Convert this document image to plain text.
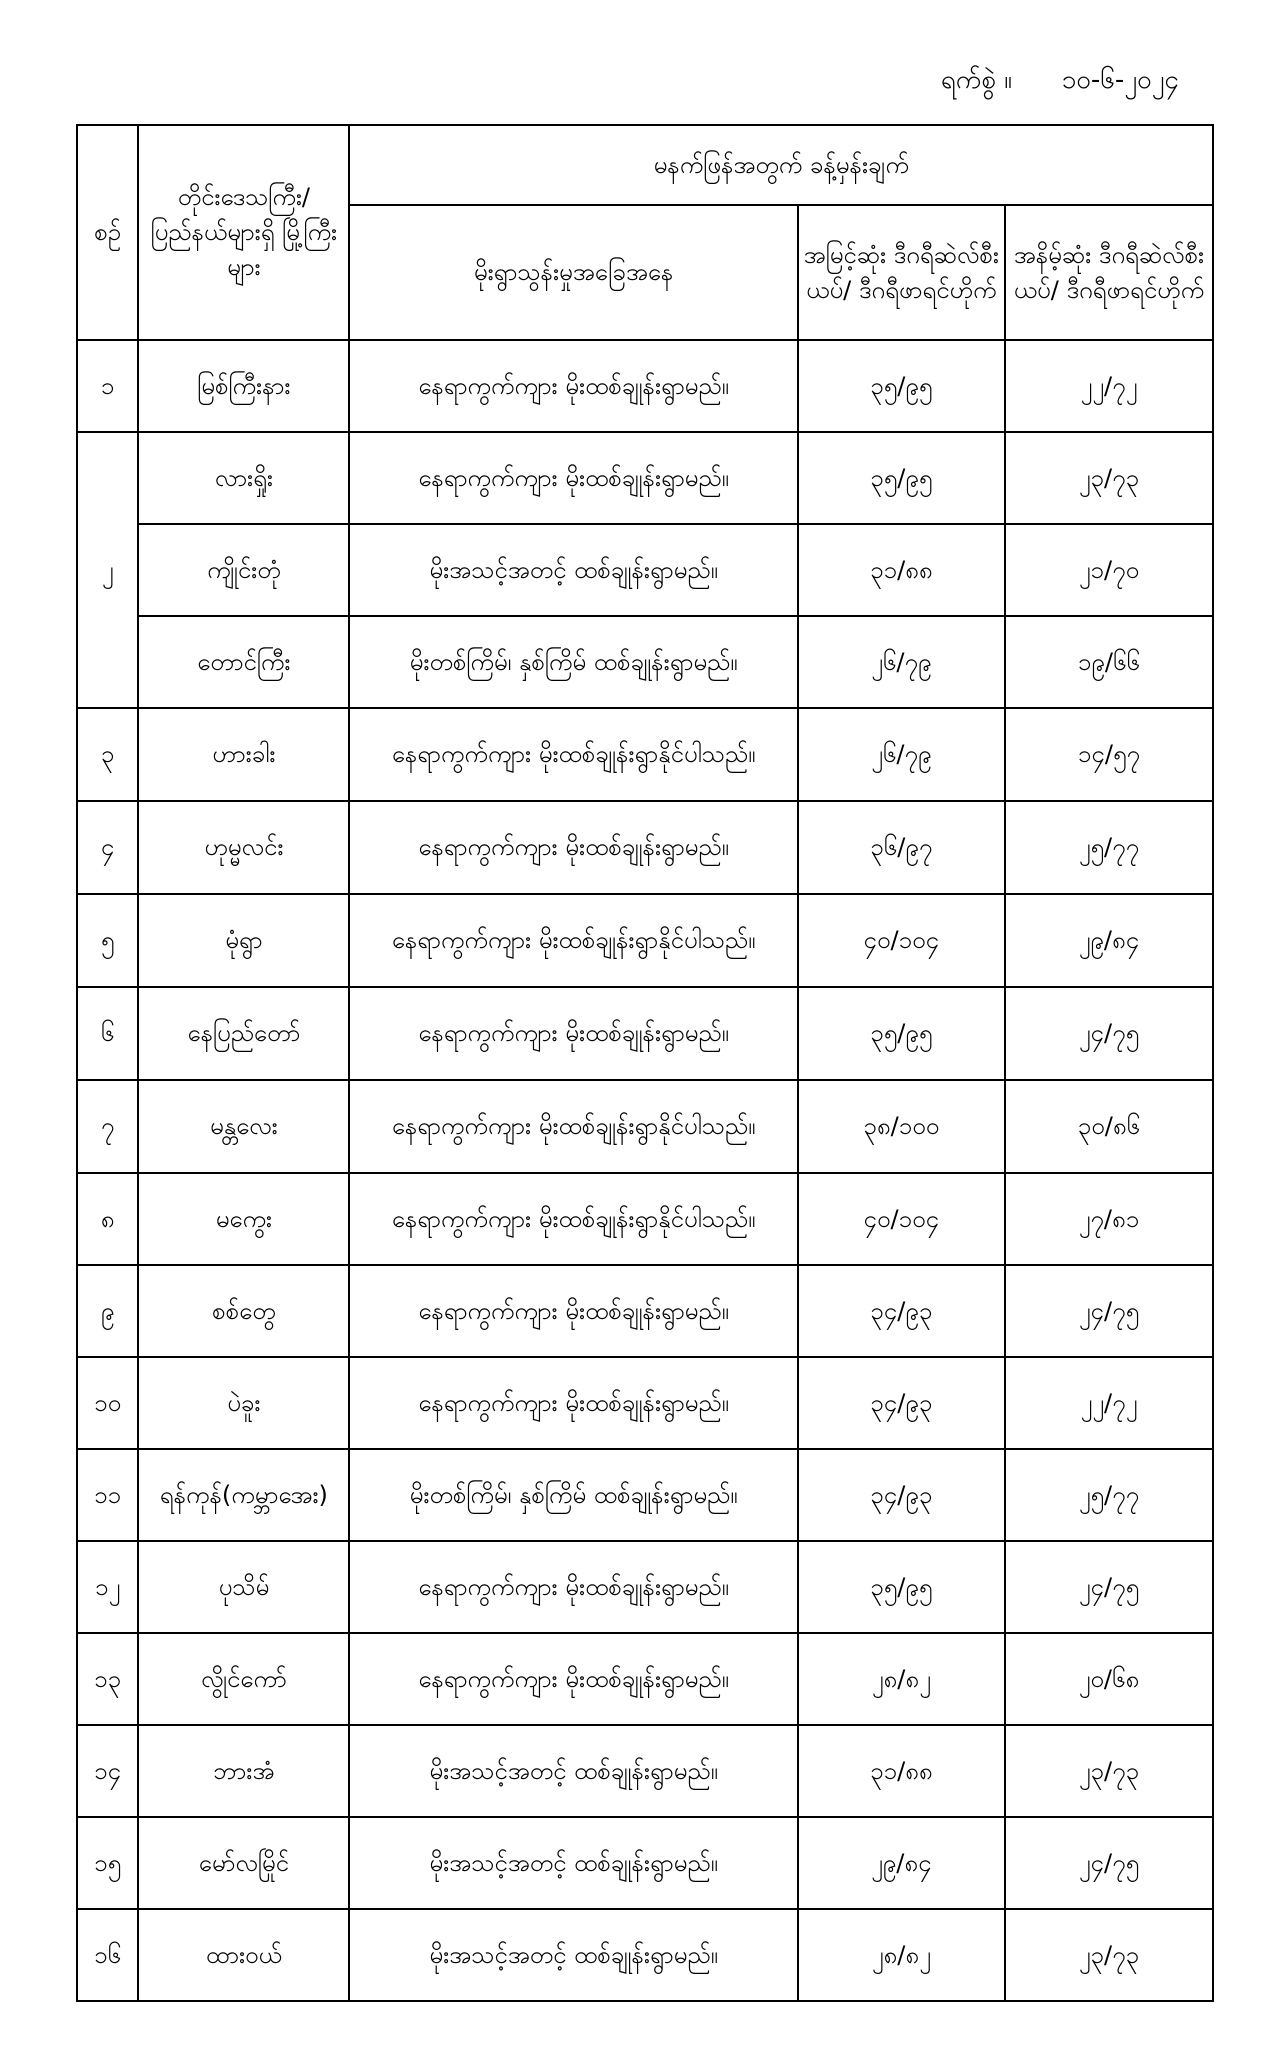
ရက်စွဲ ။ ၁၀-၆-၂၀၂၄
စဉ်	တိုင်းဒေသကြီး/ ပြည်နယ်များရှိ မြို့ကြီးများ	မနက်ဖြန်အတွက် ခန့်မှန်းချက်		
		မိုးရွာသွန်းမှုအခြေအနေ	အမြင့်ဆုံး ဒီဂရီဆဲလ်စီးယပ်/ ဒီဂရီဖာရင်ဟိုက်	အနိမ့်ဆုံး ဒီဂရီဆဲလ်စီးယပ်/ ဒီဂရီဖာရင်ဟိုက်
၁	မြစ်ကြီးနား	နေရာကွက်ကျား မိုးထစ်ချုန်းရွာမည်။	၃၅/၉၅	၂၂/၇၂
၂	လားရှိုး	နေရာကွက်ကျား မိုးထစ်ချုန်းရွာမည်။	၃၅/၉၅	၂၃/၇၃
	ကျိုင်းတုံ	မိုးအသင့်အတင့် ထစ်ချုန်းရွာမည်။	၃၁/၈၈	၂၁/၇၀
	တောင်ကြီး	မိုးတစ်ကြိမ်၊ နှစ်ကြိမ် ထစ်ချုန်းရွာမည်။	၂၆/၇၉	၁၉/၆၆
၃	ဟားခါး	နေရာကွက်ကျား မိုးထစ်ချုန်းရွာနိုင်ပါသည်။	၂၆/၇၉	၁၄/၅၇
၄	ဟုမ္မလင်း	နေရာကွက်ကျား မိုးထစ်ချုန်းရွာမည်။	၃၆/၉၇	၂၅/၇၇
၅	မုံရွာ	နေရာကွက်ကျား မိုးထစ်ချုန်းရွာနိုင်ပါသည်။	၄၀/၁၀၄	၂၉/၈၄
၆	နေပြည်တော်	နေရာကွက်ကျား မိုးထစ်ချုန်းရွာမည်။	၃၅/၉၅	၂၄/၇၅
၇	မန္တလေး	နေရာကွက်ကျား မိုးထစ်ချုန်းရွာနိုင်ပါသည်။	၃၈/၁၀၀	၃၀/၈၆
၈	မကွေး	နေရာကွက်ကျား မိုးထစ်ချုန်းရွာနိုင်ပါသည်။	၄၀/၁၀၄	၂၇/၈၁
၉	စစ်တွေ	နေရာကွက်ကျား မိုးထစ်ချုန်းရွာမည်။	၃၄/၉၃	၂၄/၇၅
၁၀	ပဲခူး	နေရာကွက်ကျား မိုးထစ်ချုန်းရွာမည်။	၃၄/၉၃	၂၂/၇၂
၁၁	ရန်ကုန်(ကမ္ဘာအေး)	မိုးတစ်ကြိမ်၊ နှစ်ကြိမ် ထစ်ချုန်းရွာမည်။	၃၄/၉၃	၂၅/၇၇
၁၂	ပုသိမ်	နေရာကွက်ကျား မိုးထစ်ချုန်းရွာမည်။	၃၅/၉၅	၂၄/၇၅
၁၃	လွိုင်ကော်	နေရာကွက်ကျား မိုးထစ်ချုန်းရွာမည်။	၂၈/၈၂	၂၀/၆၈
၁၄	ဘားအံ	မိုးအသင့်အတင့် ထစ်ချုန်းရွာမည်။	၃၁/၈၈	၂၃/၇၃
၁၅	မော်လမြိုင်	မိုးအသင့်အတင့် ထစ်ချုန်းရွာမည်။	၂၉/၈၄	၂၄/၇၅
၁၆	ထားဝယ်	မိုးအသင့်အတင့် ထစ်ချုန်းရွာမည်။	၂၈/၈၂	၂၃/၇၃
